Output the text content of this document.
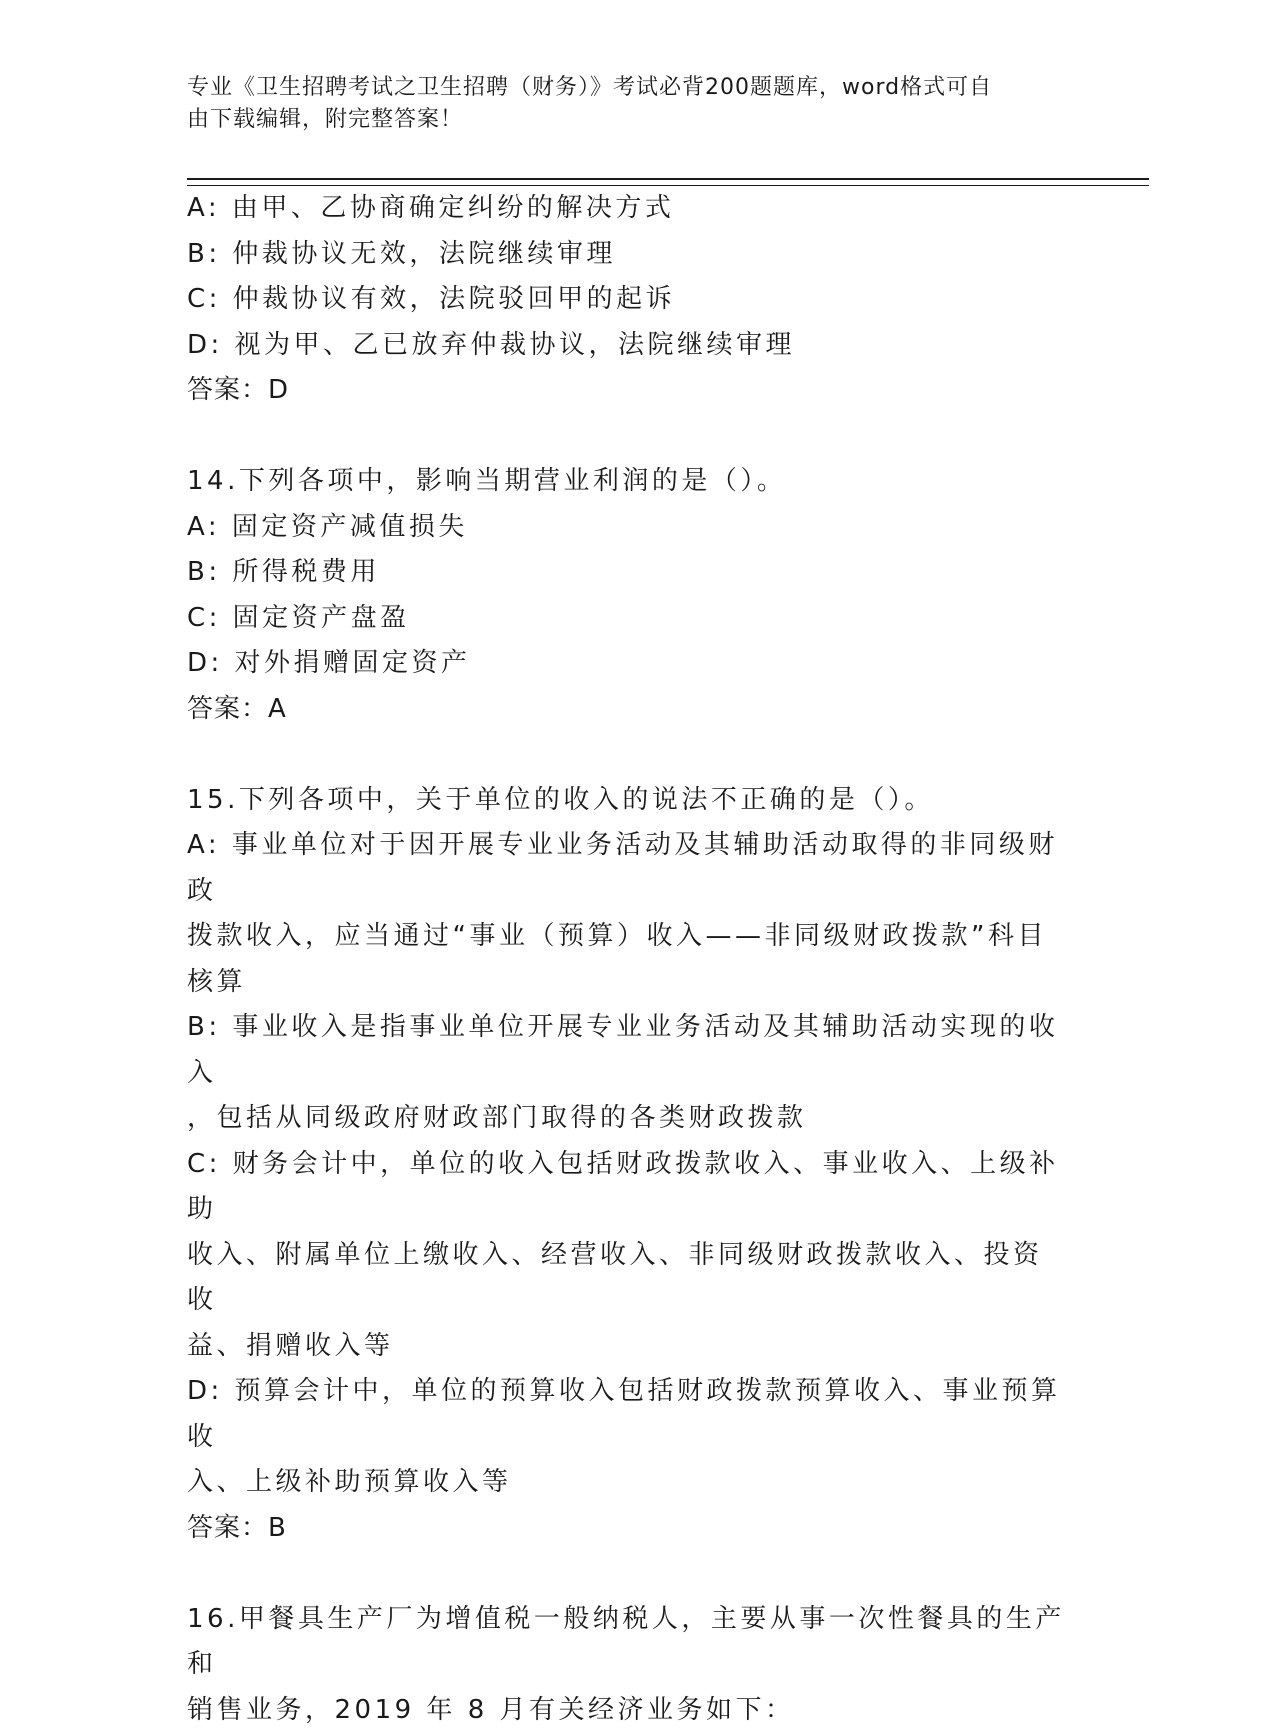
专业《卫生招聘考试之卫生招聘（财务）》考试必背200题题库，word格式可自
由下载编辑，附完整答案！
A: 由甲、乙协商确定纠纷的解决方式
B: 仲裁协议无效，法院继续审理
C: 仲裁协议有效，法院驳回甲的起诉
D: 视为甲、乙已放弃仲裁协议，法院继续审理
答案：D
14.下列各项中，影响当期营业利润的是（）。
A: 固定资产减值损失
B: 所得税费用
C: 固定资产盘盈
D: 对外捐赠固定资产
答案：A
15.下列各项中，关于单位的收入的说法不正确的是（）。
A: 事业单位对于因开展专业业务活动及其辅助活动取得的非同级财政
拨款收入，应当通过“事业（预算）收入——非同级财政拨款”科目
核算
B: 事业收入是指事业单位开展专业业务活动及其辅助活动实现的收入
，包括从同级政府财政部门取得的各类财政拨款
C: 财务会计中，单位的收入包括财政拨款收入、事业收入、上级补助
收入、附属单位上缴收入、经营收入、非同级财政拨款收入、投资收
益、捐赠收入等
D: 预算会计中，单位的预算收入包括财政拨款预算收入、事业预算收
入、上级补助预算收入等
答案：B
16.甲餐具生产厂为增值税一般纳税人，主要从事一次性餐具的生产和
销售业务，2019 年 8 月有关经济业务如下：
